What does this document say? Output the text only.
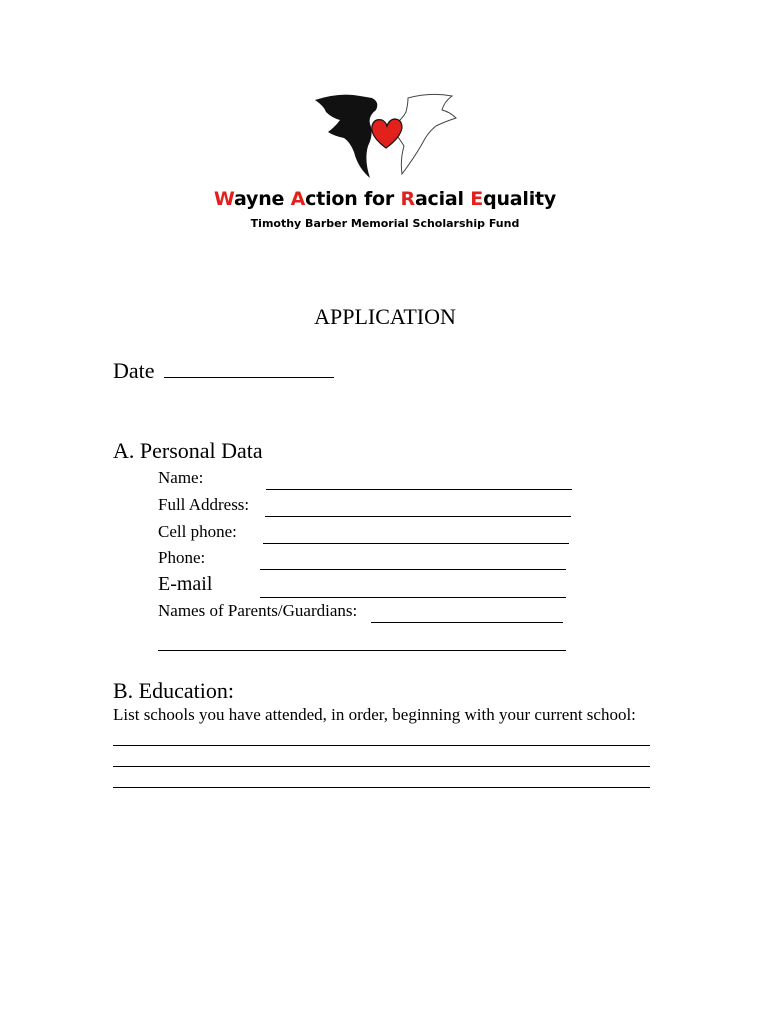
Wayne Action for Racial Equality
Timothy Barber Memorial Scholarship Fund
APPLICATION
Date
A. Personal Data
Name:
Full Address:
Cell phone:
Phone:
E-mail
Names of Parents/Guardians:
B. Education:
List schools you have attended, in order, beginning with your current school:
